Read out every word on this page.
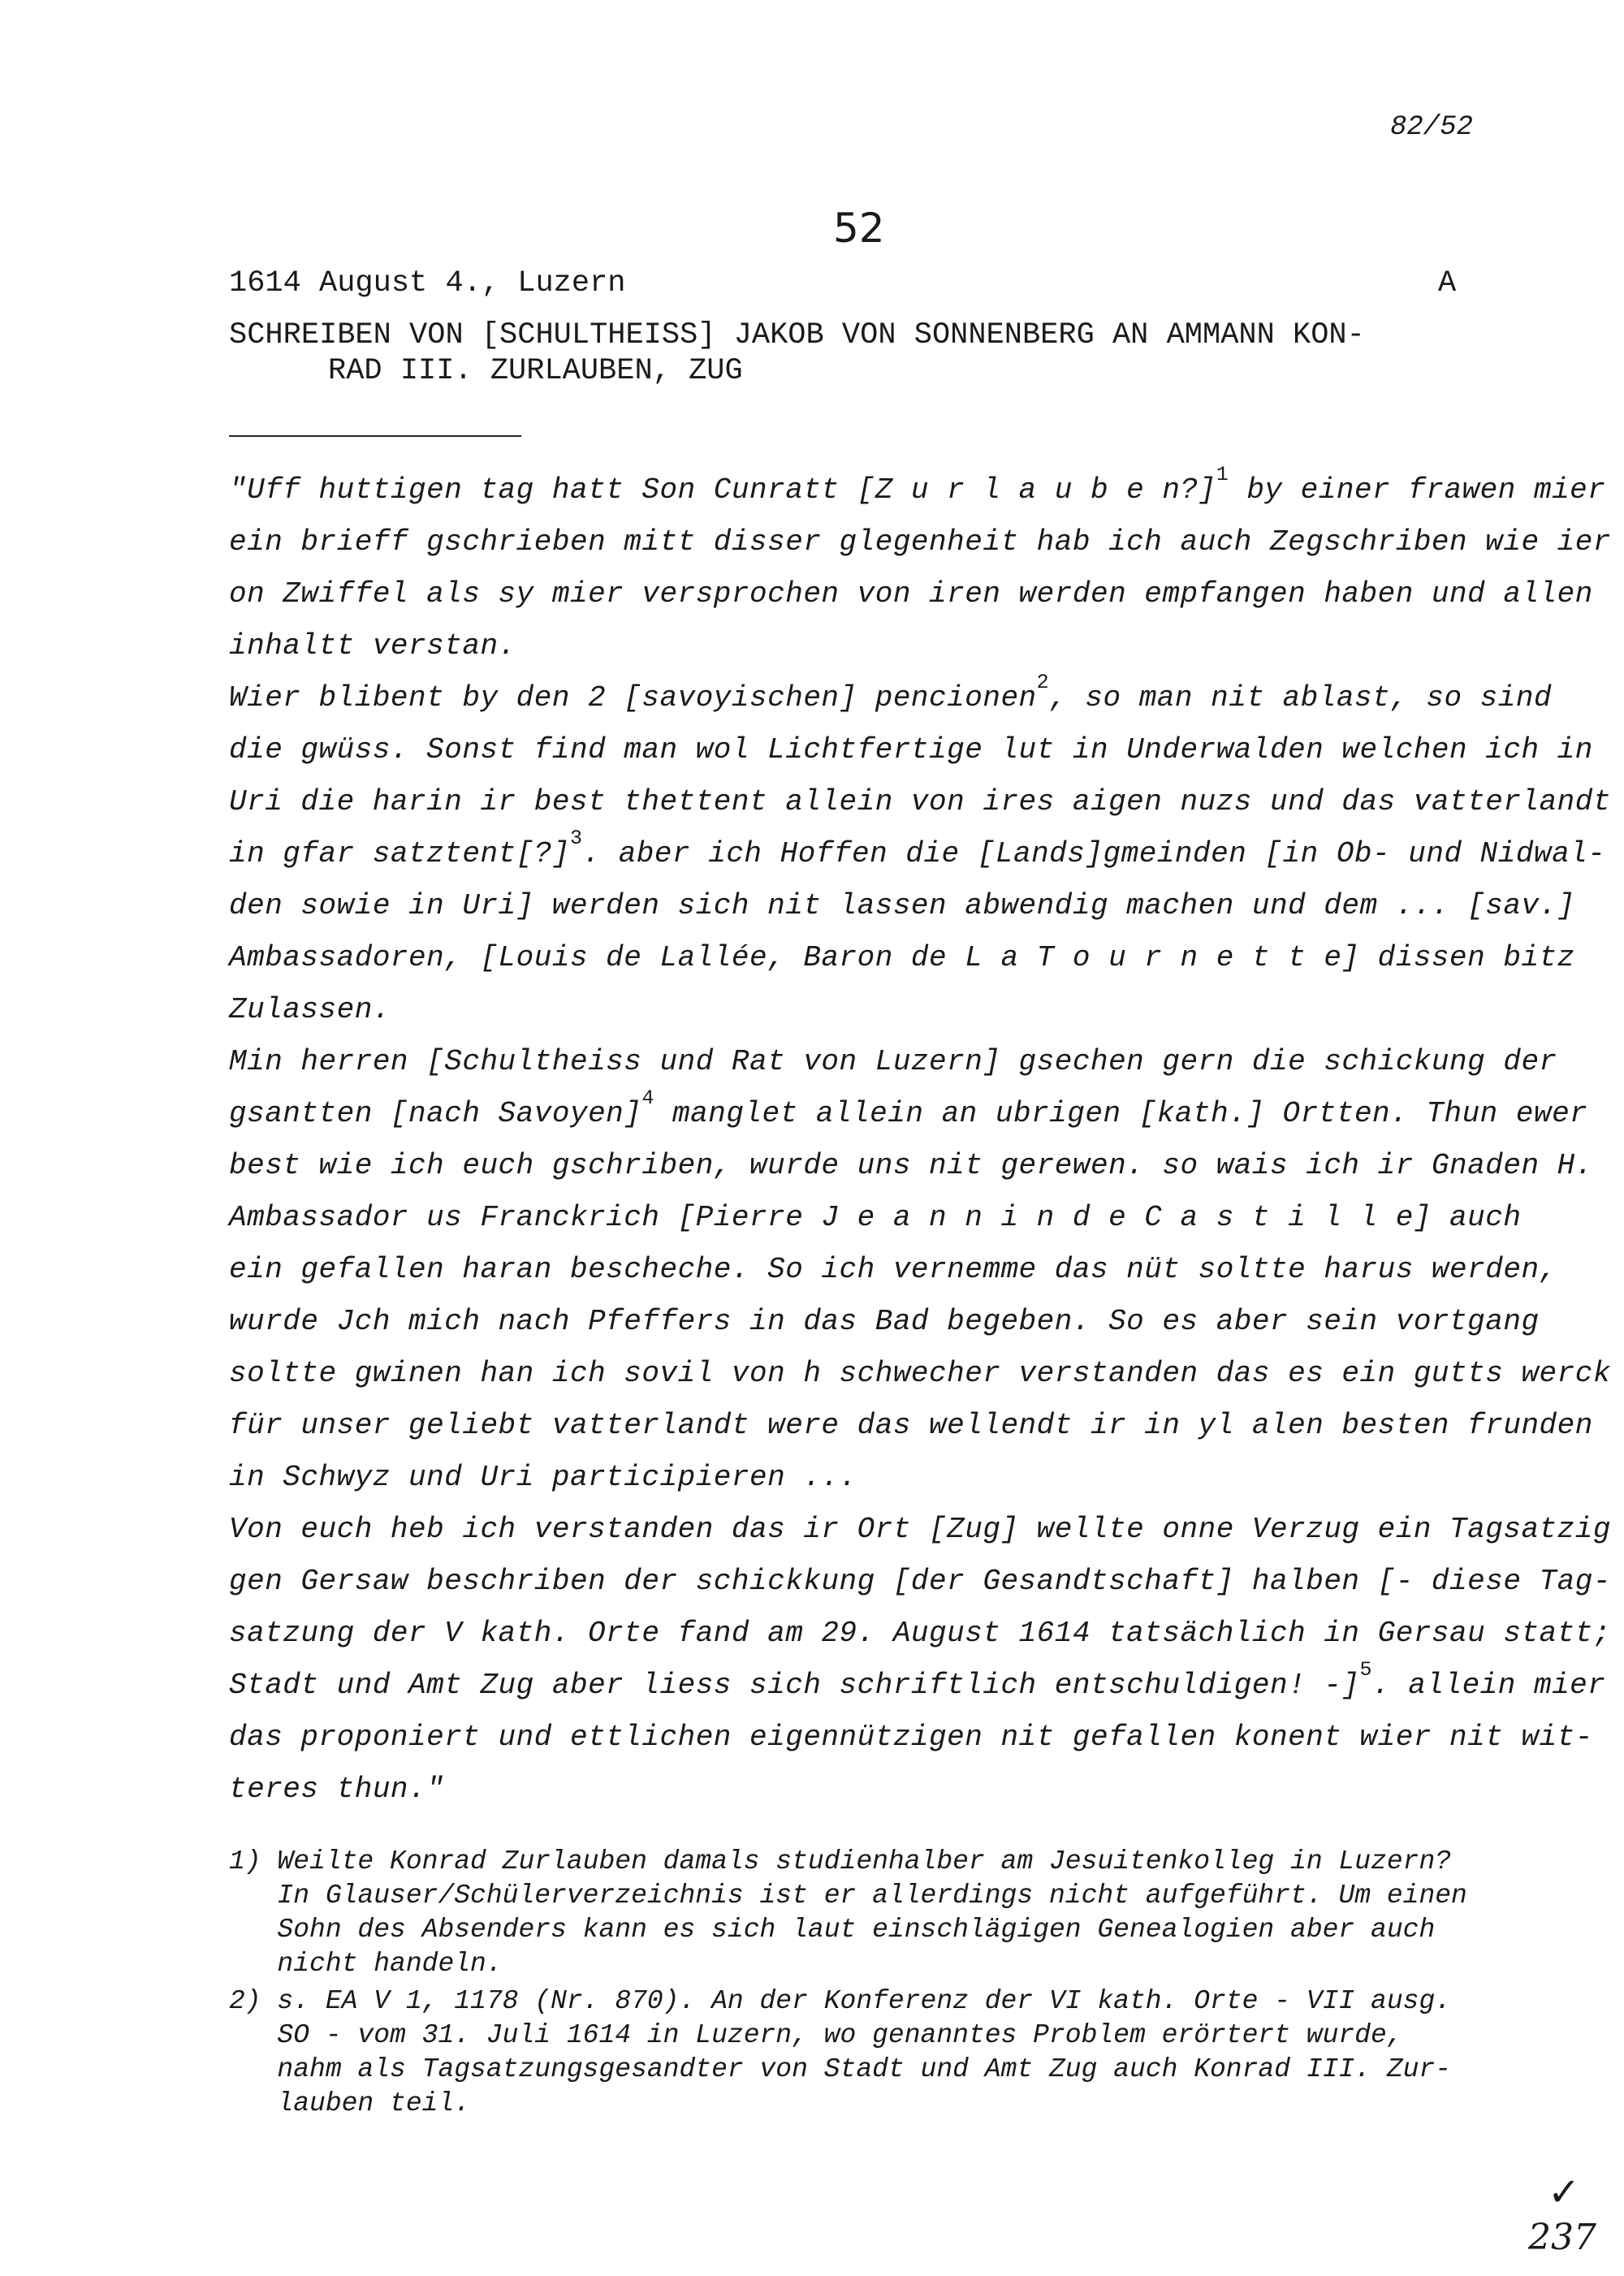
82/52
52
1614 August 4., Luzern	A
SCHREIBEN VON [SCHULTHEISS] JAKOB VON SONNENBERG AN AMMANN KON-
RAD III. ZURLAUBEN, ZUG
"Uff huttigen tag hatt Son Cunratt [Z u r l a u b e n?]$^1$ by einer frawen mier
ein brieff gschrieben mitt disser glegenheit hab ich auch Zegschriben wie ier
on Zwiffel als sy mier versprochen von iren werden empfangen haben und allen
inhaltt verstan.
Wier blibent by den 2 [savoyischen] pencionen$^2$, so man nit ablast, so sind
die gwüss. Sonst find man wol Lichtfertige lut in Underwalden welchen ich in
Uri die harin ir best thettent allein von ires aigen nuzs und das vatterlandt
in gfar satztent[?]$^3$. aber ich Hoffen die [Lands]gmeinden [in Ob- und Nidwal-
den sowie in Uri] werden sich nit lassen abwendig machen und dem ... [sav.]
Ambassadoren, [Louis de Lallée, Baron de L a T o u r n e t t e] dissen bitz
Zulassen.
Min herren [Schultheiss und Rat von Luzern] gsechen gern die schickung der
gsantten [nach Savoyen]$^4$ manglet allein an ubrigen [kath.] Ortten. Thun ewer
best wie ich euch gschriben, wurde uns nit gerewen. so wais ich ir Gnaden H.
Ambassador us Franckrich [Pierre J e a n n i n d e C a s t i l l e] auch
ein gefallen haran bescheche. So ich vernemme das nüt soltte harus werden,
wurde Jch mich nach Pfeffers in das Bad begeben. So es aber sein vortgang
soltte gwinen han ich sovil von h schwecher verstanden das es ein gutts werck
für unser geliebt vatterlandt were das wellendt ir in yl alen besten frunden
in Schwyz und Uri participieren ...
Von euch heb ich verstanden das ir Ort [Zug] wellte onne Verzug ein Tagsatzig
gen Gersaw beschriben der schickkung [der Gesandtschaft] halben [- diese Tag-
satzung der V kath. Orte fand am 29. August 1614 tatsächlich in Gersau statt;
Stadt und Amt Zug aber liess sich schriftlich entschuldigen! -]$^5$. allein mier
das proponiert und ettlichen eigennützigen nit gefallen konent wier nit wit-
teres thun."
1) Weilte Konrad Zurlauben damals studienhalber am Jesuitenkolleg in Luzern?
In Glauser/Schülerverzeichnis ist er allerdings nicht aufgeführt. Um einen
Sohn des Absenders kann es sich laut einschlägigen Genealogien aber auch
nicht handeln.
2) s. EA V 1, 1178 (Nr. 870). An der Konferenz der VI kath. Orte - VII ausg.
SO - vom 31. Juli 1614 in Luzern, wo genanntes Problem erörtert wurde,
nahm als Tagsatzungsgesandter von Stadt und Amt Zug auch Konrad III. Zur-
lauben teil.
✓
237
